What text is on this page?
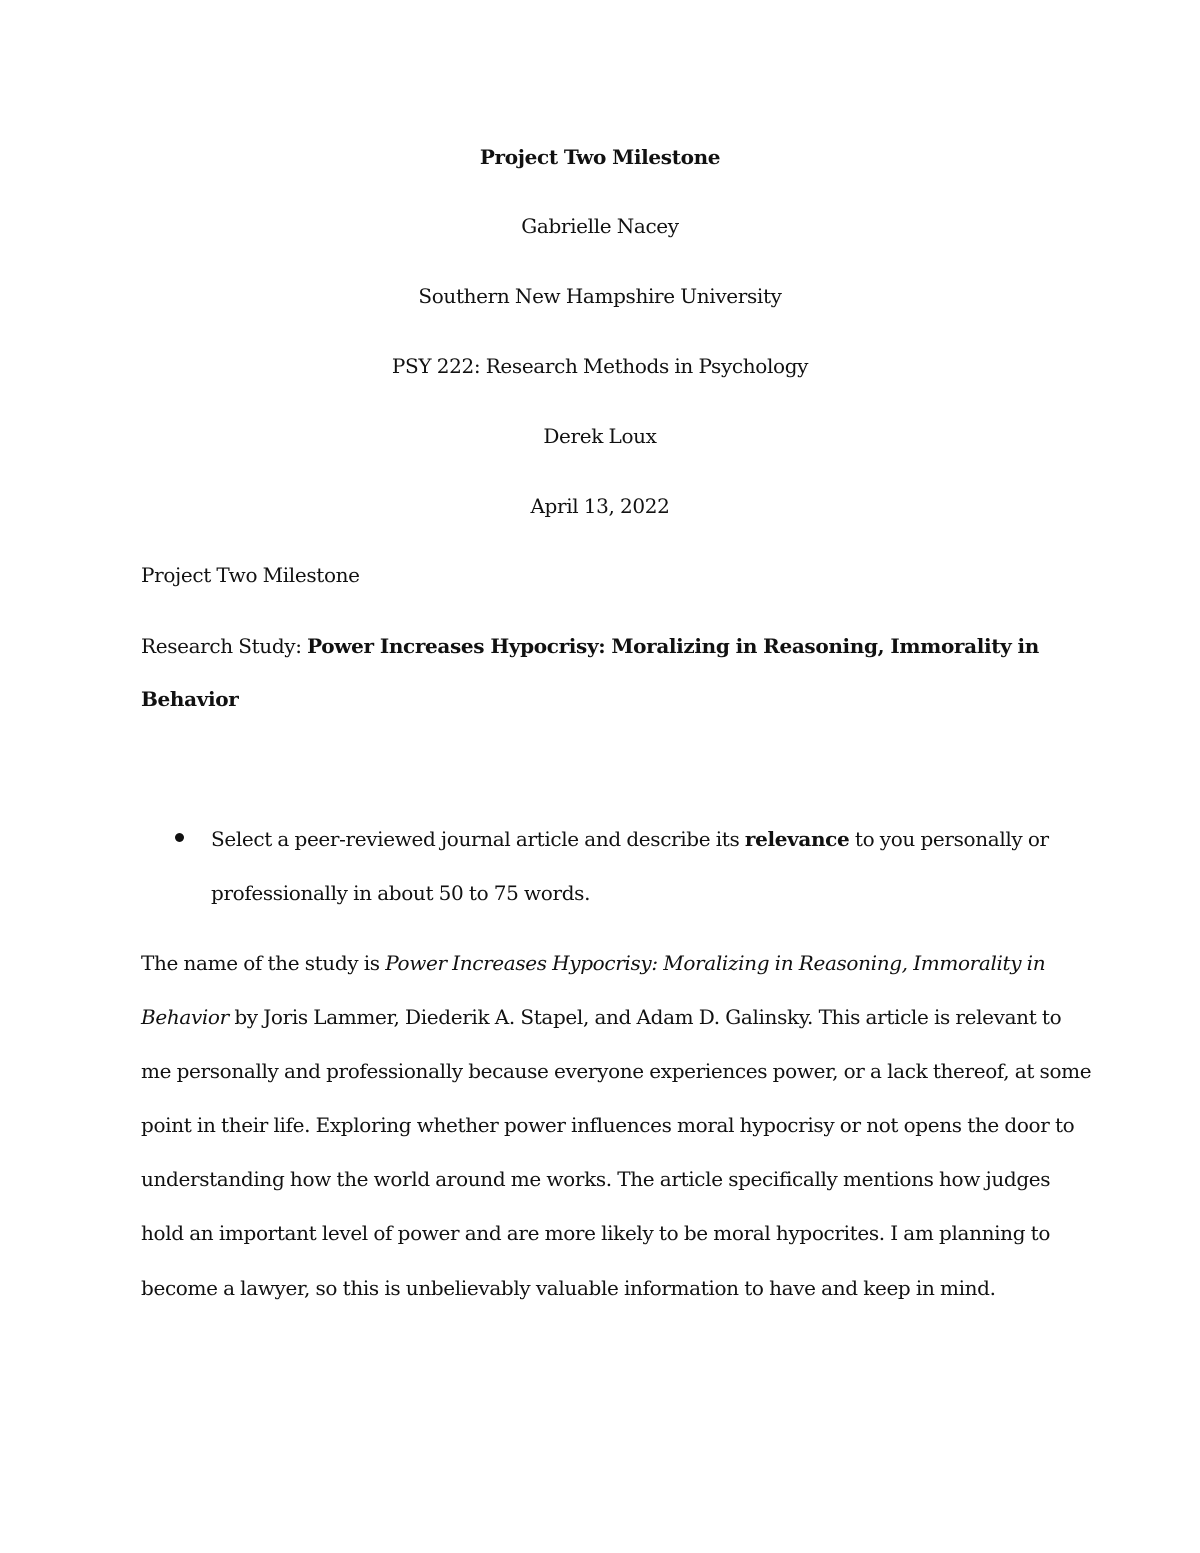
Project Two Milestone
Gabrielle Nacey
Southern New Hampshire University
PSY 222: Research Methods in Psychology
Derek Loux
April 13, 2022
Project Two Milestone
Research Study: Power Increases Hypocrisy: Moralizing in Reasoning, Immorality in
Behavior
Select a peer-reviewed journal article and describe its relevance to you personally or
professionally in about 50 to 75 words.
The name of the study is Power Increases Hypocrisy: Moralizing in Reasoning, Immorality in
Behavior by Joris Lammer, Diederik A. Stapel, and Adam D. Galinsky. This article is relevant to
me personally and professionally because everyone experiences power, or a lack thereof, at some
point in their life. Exploring whether power influences moral hypocrisy or not opens the door to
understanding how the world around me works. The article specifically mentions how judges
hold an important level of power and are more likely to be moral hypocrites. I am planning to
become a lawyer, so this is unbelievably valuable information to have and keep in mind.
